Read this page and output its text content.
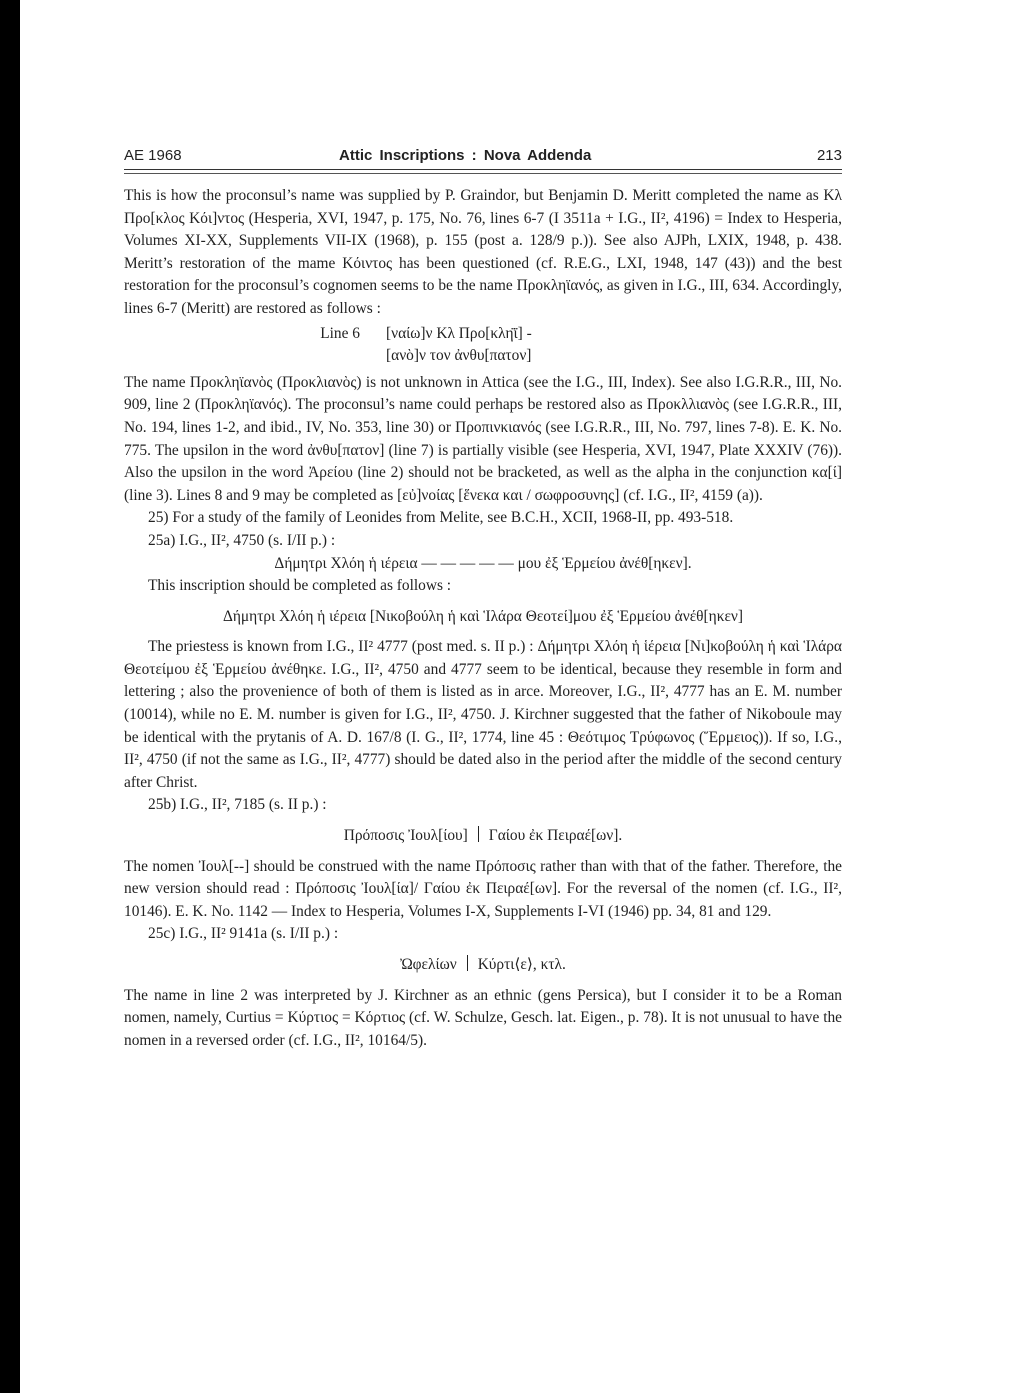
AE 1968	Attic Inscriptions : Nova Addenda	213

This is how the proconsul’s name was supplied by P. Graindor, but Benjamin D. Meritt completed the name as Κλ Προ[κλος Κόι]ντος (Hesperia, XVI, 1947, p. 175, No. 76, lines 6-7 (I 3511a + I.G., II², 4196) = Index to Hesperia, Volumes XI-XX, Supplements VII-IX (1968), p. 155 (post a. 128/9 p.)). See also AJPh, LXIX, 1948, p. 438. Meritt’s restoration of the mame Κόιντος has been questioned (cf. R.E.G., LXI, 1948, 147 (43)) and the best restoration for the proconsul’s cognomen seems to be the name Προκληϊανός, as given in I.G., III, 634. Accordingly, lines 6-7 (Meritt) are restored as follows :

Line 6	[ναίω]ν Κλ Προ[κλη̈ϊ] -
[ανὸ]ν τον ἀνθυ[πατον]

The name Προκληϊανὸς (Προκλιανὸς) is not unknown in Attica (see the I.G., III, Index). See also I.G.R.R., III, No. 909, line 2 (Προκληϊανός). The proconsul’s name could perhaps be restored also as Προκλλιανὸς (see I.G.R.R., III, No. 194, lines 1-2, and ibid., IV, No. 353, line 30) or Προπινκιανός (see I.G.R.R., III, No. 797, lines 7-8). E. K. No. 775. The upsilon in the word ἀνθυ[πατον] (line 7) is partially visible (see Hesperia, XVI, 1947, Plate XXXIV (76)). Also the upsilon in the word Ἀρείου (line 2) should not be bracketed, as well as the alpha in the conjunction κα[ί] (line 3). Lines 8 and 9 may be completed as [εὐ]νοίας [ἕνεκα και / σωφροσυνης] (cf. I.G., II², 4159 (a)).

25) For a study of the family of Leonides from Melite, see B.C.H., XCII, 1968-II, pp. 493-518.

25a) I.G., II², 4750 (s. I/II p.) :

Δήμητρι Χλόη ἡ ιέρεια — — — — — μου ἐξ Ἑρμείου ἀνέθ[ηκεν].

This inscription should be completed as follows :

Δήμητρι Χλόη ἡ ιέρεια [Νικοβούλη ἡ καὶ Ἱλάρα Θεοτεί]μου ἐξ Ἑρμείου ἀνέθ[ηκεν]

The priestess is known from I.G., II² 4777 (post med. s. II p.) : Δήμητρι Χλόη ἡ ἱέρεια [Νι]κοβούλη ἡ καὶ Ἱλάρα Θεοτείμου ἐξ Ἑρμείου ἀνέθηκε. I.G., II², 4750 and 4777 seem to be identical, because they resemble in form and lettering ; also the provenience of both of them is listed as in arce. Moreover, I.G., II², 4777 has an E. M. number (10014), while no E. M. number is given for I.G., II², 4750. J. Kirchner suggested that the father of Nikoboule may be identical with the prytanis of A. D. 167/8 (I. G., II², 1774, line 45 : Θεότιμος Τρύφωνος (Ἕρμειος)). If so, I.G., II², 4750 (if not the same as I.G., II², 4777) should be dated also in the period after the middle of the second century after Christ.

25b) I.G., II², 7185 (s. II p.) :

Πρόποσις Ἰουλ[ίου] Γαίου ἐκ Πειραέ[ων].

The nomen Ἰουλ[--] should be construed with the name Πρόποσις rather than with that of the father. Therefore, the new version should read : Πρόποσις Ἰουλ[ία]/ Γαίου ἐκ Πειραέ[ων]. For the reversal of the nomen (cf. I.G., II², 10146). E. K. No. 1142 — Index to Hesperia, Volumes I-X, Supplements I-VI (1946) pp. 34, 81 and 129.

25c) I.G., II² 9141a (s. I/II p.) :

Ὠφελίων Κύρτι⟨ε⟩, κτλ.

The name in line 2 was interpreted by J. Kirchner as an ethnic (gens Persica), but I consider it to be a Roman nomen, namely, Curtius = Κύρτιος = Κόρτιος (cf. W. Schulze, Gesch. lat. Eigen., p. 78). It is not unusual to have the nomen in a reversed order (cf. I.G., II², 10164/5).
